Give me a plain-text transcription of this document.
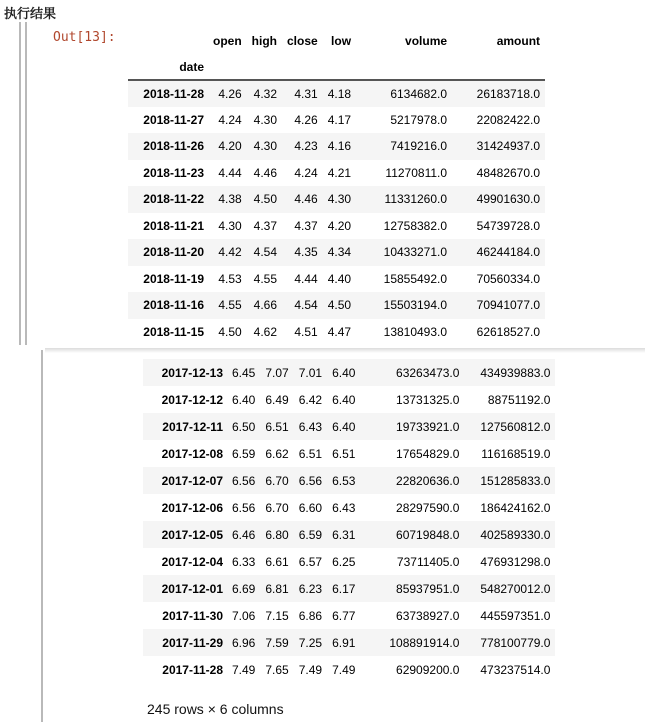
执行结果
Out[13]:
		open	high	close	low	volume	amount
date						
2018-11-28	4.26	4.32	4.31	4.18	6134682.0	26183718.0
2018-11-27	4.24	4.30	4.26	4.17	5217978.0	22082422.0
2018-11-26	4.20	4.30	4.23	4.16	7419216.0	31424937.0
2018-11-23	4.44	4.46	4.24	4.21	11270811.0	48482670.0
2018-11-22	4.38	4.50	4.46	4.30	11331260.0	49901630.0
2018-11-21	4.30	4.37	4.37	4.20	12758382.0	54739728.0
2018-11-20	4.42	4.54	4.35	4.34	10433271.0	46244184.0
2018-11-19	4.53	4.55	4.44	4.40	15855492.0	70560334.0
2018-11-16	4.55	4.66	4.54	4.50	15503194.0	70941077.0
2018-11-15	4.50	4.62	4.51	4.47	13810493.0	62618527.0
2017-12-13	6.45	7.07	7.01	6.40	63263473.0	434939883.0
2017-12-12	6.40	6.49	6.42	6.40	13731325.0	88751192.0
2017-12-11	6.50	6.51	6.43	6.40	19733921.0	127560812.0
2017-12-08	6.59	6.62	6.51	6.51	17654829.0	116168519.0
2017-12-07	6.56	6.70	6.56	6.53	22820636.0	151285833.0
2017-12-06	6.56	6.70	6.60	6.43	28297590.0	186424162.0
2017-12-05	6.46	6.80	6.59	6.31	60719848.0	402589330.0
2017-12-04	6.33	6.61	6.57	6.25	73711405.0	476931298.0
2017-12-01	6.69	6.81	6.23	6.17	85937951.0	548270012.0
2017-11-30	7.06	7.15	6.86	6.77	63738927.0	445597351.0
2017-11-29	6.96	7.59	7.25	6.91	108891914.0	778100779.0
2017-11-28	7.49	7.65	7.49	7.49	62909200.0	473237514.0
245 rows × 6 columns
